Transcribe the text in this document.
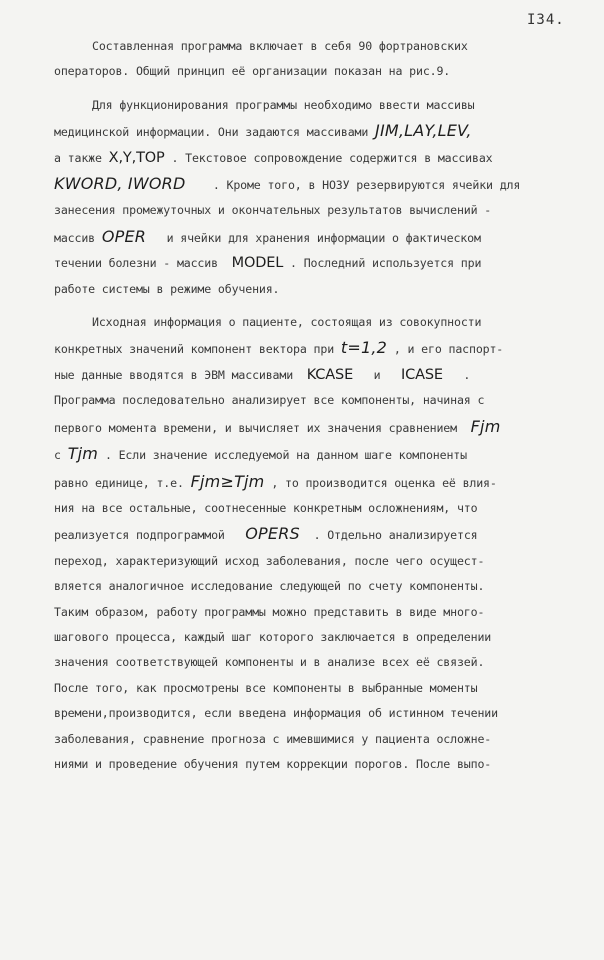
I34.

Составленная программа включает в себя 90 фортрановских

операторов. Общий принцип её организации показан на рис.9.

Для функционирования программы необходимо ввести массивы

медицинской информации. Они задаются массивами JIM,LAY,LEV,

а также X,Y,TOP . Текстовое сопровождение содержится в массивах

KWORD, IWORD . Кроме того, в НОЗУ резервируются ячейки для

занесения промежуточных и окончательных результатов вычислений -

массив OPER и ячейки для хранения информации о фактическом

течении болезни - массив MODEL . Последний используется при

работе системы в режиме обучения.

Исходная информация о пациенте, состоящая из совокупности

конкретных значений компонент вектора при t=1,2 , и его паспорт-

ные данные вводятся в ЭВМ массивами KCASE и ICASE .

Программа последовательно анализирует все компоненты, начиная с

первого момента времени, и вычисляет их значения сравнением Fjm

с Tjm . Если значение исследуемой на данном шаге компоненты

равно единице, т.е. Fjm≥Tjm , то производится оценка её влия-

ния на все остальные, соотнесенные конкретным осложнениям, что

реализуется подпрограммой OPERS . Отдельно анализируется

переход, характеризующий исход заболевания, после чего осущест-

вляется аналогичное исследование следующей по счету компоненты.

Таким образом, работу программы можно представить в виде много-

шагового процесса, каждый шаг которого заключается в определении

значения соответствующей компоненты и в анализе всех её связей.

После того, как просмотрены все компоненты в выбранные моменты

времени,производится, если введена информация об истинном течении

заболевания, сравнение прогноза с имевшимися у пациента осложне-

ниями и проведение обучения путем коррекции порогов. После выпо-
